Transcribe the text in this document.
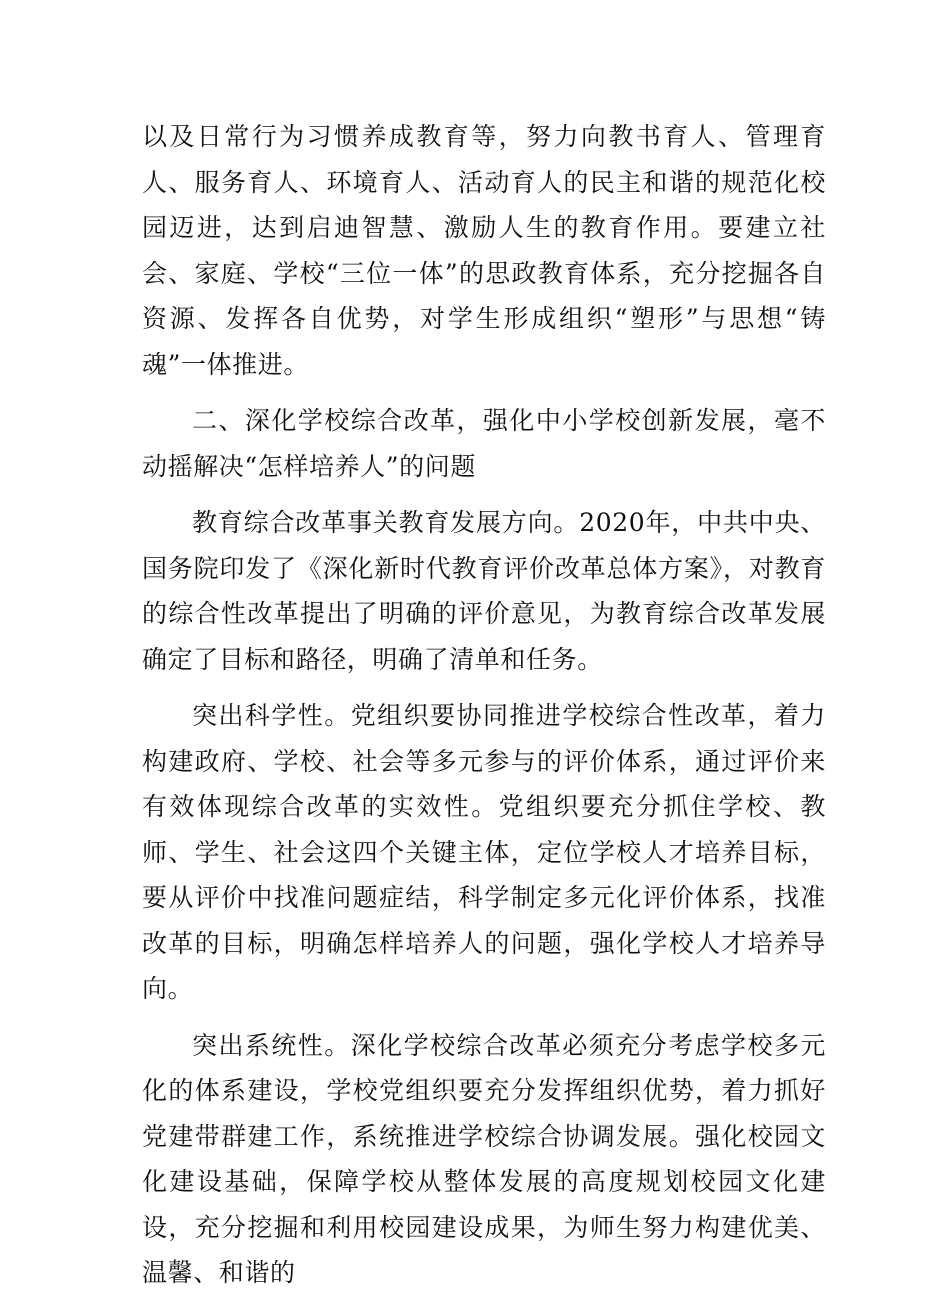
以及日常行为习惯养成教育等，努力向教书育人、管理育人、服务育人、环境育人、活动育人的民主和谐的规范化校园迈进，达到启迪智慧、激励人生的教育作用。要建立社会、家庭、学校“三位一体”的思政教育体系，充分挖掘各自资源、发挥各自优势，对学生形成组织“塑形”与思想“铸魂”一体推进。

二、深化学校综合改革，强化中小学校创新发展，毫不动摇解决“怎样培养人”的问题

教育综合改革事关教育发展方向。2020年，中共中央、国务院印发了《深化新时代教育评价改革总体方案》，对教育的综合性改革提出了明确的评价意见，为教育综合改革发展确定了目标和路径，明确了清单和任务。

突出科学性。党组织要协同推进学校综合性改革，着力构建政府、学校、社会等多元参与的评价体系，通过评价来有效体现综合改革的实效性。党组织要充分抓住学校、教师、学生、社会这四个关键主体，定位学校人才培养目标，要从评价中找准问题症结，科学制定多元化评价体系，找准改革的目标，明确怎样培养人的问题，强化学校人才培养导向。

突出系统性。深化学校综合改革必须充分考虑学校多元化的体系建设，学校党组织要充分发挥组织优势，着力抓好党建带群建工作，系统推进学校综合协调发展。强化校园文化建设基础，保障学校从整体发展的高度规划校园文化建设，充分挖掘和利用校园建设成果，为师生努力构建优美、温馨、和谐的
